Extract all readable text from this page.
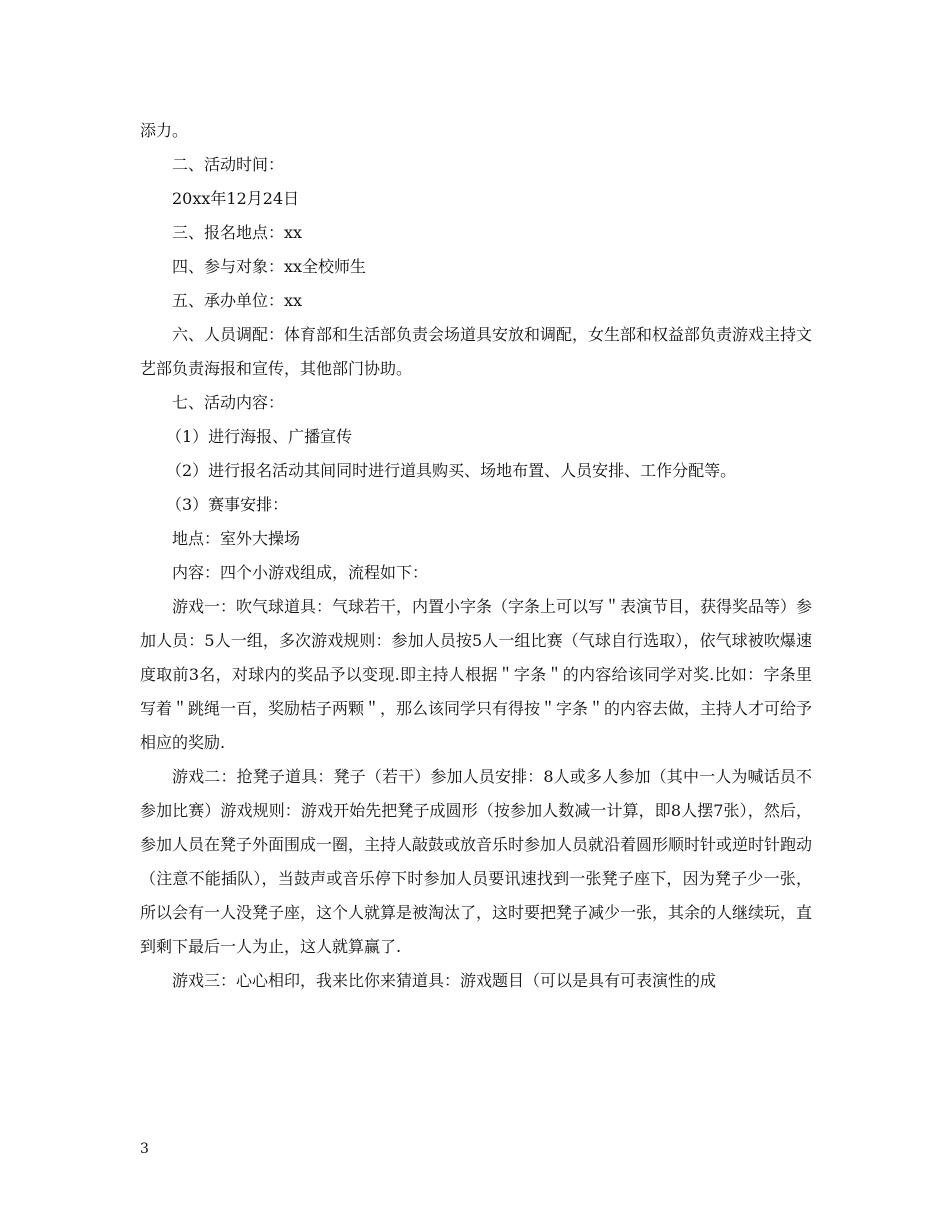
添力。

二、活动时间：

20xx年12月24日

三、报名地点：xx

四、参与对象：xx全校师生

五、承办单位：xx

六、人员调配：体育部和生活部负责会场道具安放和调配，女生部和权益部负责游戏主持文艺部负责海报和宣传，其他部门协助。

七、活动内容：

（1）进行海报、广播宣传

（2）进行报名活动其间同时进行道具购买、场地布置、人员安排、工作分配等。

（3）赛事安排：

地点：室外大操场

内容：四个小游戏组成，流程如下：

游戏一：吹气球道具：气球若干，内置小字条（字条上可以写＂表演节目，获得奖品等）参加人员：5人一组，多次游戏规则：参加人员按5人一组比赛（气球自行选取），依气球被吹爆速度取前3名，对球内的奖品予以变现.即主持人根据＂字条＂的内容给该同学对奖.比如：字条里写着＂跳绳一百，奖励桔子两颗＂，那么该同学只有得按＂字条＂的内容去做，主持人才可给予相应的奖励.

游戏二：抢凳子道具：凳子（若干）参加人员安排：8人或多人参加（其中一人为喊话员不参加比赛）游戏规则：游戏开始先把凳子成圆形（按参加人数减一计算，即8人摆7张），然后，参加人员在凳子外面围成一圈，主持人敲鼓或放音乐时参加人员就沿着圆形顺时针或逆时针跑动（注意不能插队），当鼓声或音乐停下时参加人员要讯速找到一张凳子座下，因为凳子少一张，所以会有一人没凳子座，这个人就算是被淘汰了，这时要把凳子减少一张，其余的人继续玩，直到剩下最后一人为止，这人就算赢了.

游戏三：心心相印，我来比你来猜道具：游戏题目（可以是具有可表演性的成

3
